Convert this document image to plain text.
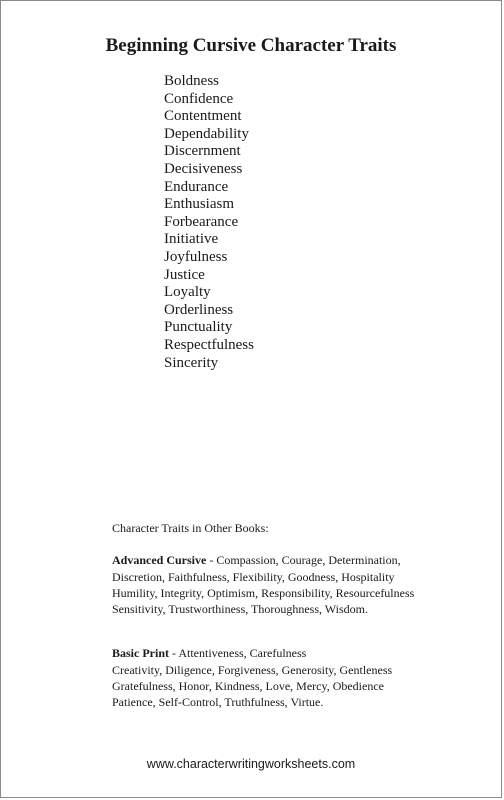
Beginning Cursive Character Traits
Boldness
Confidence
Contentment
Dependability
Discernment
Decisiveness
Endurance
Enthusiasm
Forbearance
Initiative
Joyfulness
Justice
Loyalty
Orderliness
Punctuality
Respectfulness
Sincerity

Character Traits in Other Books:

Advanced Cursive - Compassion, Courage, Determination,
Discretion, Faithfulness, Flexibility, Goodness, Hospitality
Humility, Integrity, Optimism, Responsibility, Resourcefulness
Sensitivity, Trustworthiness, Thoroughness, Wisdom.
Basic Print - Attentiveness, Carefulness
Creativity, Diligence, Forgiveness, Generosity, Gentleness
Gratefulness, Honor, Kindness, Love, Mercy, Obedience
Patience, Self-Control, Truthfulness, Virtue.
www.characterwritingworksheets.com
